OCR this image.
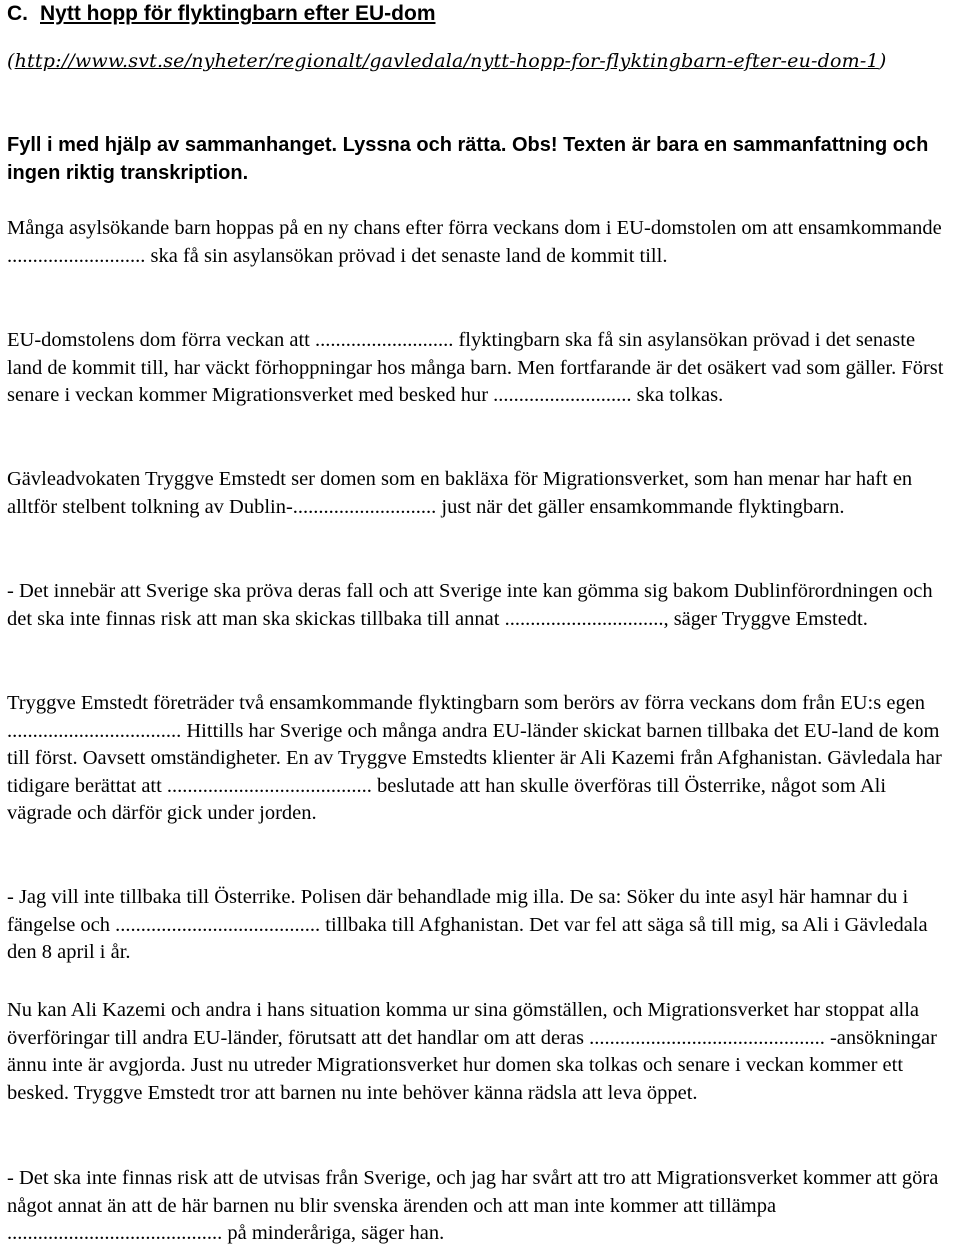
C. Nytt hopp för flyktingbarn efter EU-dom

(http://www.svt.se/nyheter/regionalt/gavledala/nytt-hopp-for-flyktingbarn-efter-eu-dom-1)

Fyll i med hjälp av sammanhanget. Lyssna och rätta. Obs! Texten är bara en sammanfattning och ingen riktig transkription.

Många asylsökande barn hoppas på en ny chans efter förra veckans dom i EU-domstolen om att ensamkommande ........................... ska få sin asylansökan prövad i det senaste land de kommit till.

EU-domstolens dom förra veckan att ........................... flyktingbarn ska få sin asylansökan prövad i det senaste land de kommit till, har väckt förhoppningar hos många barn. Men fortfarande är det osäkert vad som gäller. Först senare i veckan kommer Migrationsverket med besked hur ........................... ska tolkas.

Gävleadvokaten Tryggve Emstedt ser domen som en bakläxa för Migrationsverket, som han menar har haft en alltför stelbent tolkning av Dublin-............................ just när det gäller ensamkommande flyktingbarn.

- Det innebär att Sverige ska pröva deras fall och att Sverige inte kan gömma sig bakom Dublinförordningen och det ska inte finnas risk att man ska skickas tillbaka till annat ..............................., säger Tryggve Emstedt.

Tryggve Emstedt företräder två ensamkommande flyktingbarn som berörs av förra veckans dom från EU:s egen .................................. Hittills har Sverige och många andra EU-länder skickat barnen tillbaka det EU-land de kom till först. Oavsett omständigheter. En av Tryggve Emstedts klienter är Ali Kazemi från Afghanistan. Gävledala har tidigare berättat att ........................................ beslutade att han skulle överföras till Österrike, något som Ali vägrade och därför gick under jorden.

- Jag vill inte tillbaka till Österrike. Polisen där behandlade mig illa. De sa: Söker du inte asyl här hamnar du i fängelse och ........................................ tillbaka till Afghanistan. Det var fel att säga så till mig, sa Ali i Gävledala den 8 april i år.

Nu kan Ali Kazemi och andra i hans situation komma ur sina gömställen, och Migrationsverket har stoppat alla överföringar till andra EU-länder, förutsatt att det handlar om att deras .............................................. -ansökningar ännu inte är avgjorda. Just nu utreder Migrationsverket hur domen ska tolkas och senare i veckan kommer ett besked. Tryggve Emstedt tror att barnen nu inte behöver känna rädsla att leva öppet.

- Det ska inte finnas risk att de utvisas från Sverige, och jag har svårt att tro att Migrationsverket kommer att göra något annat än att de här barnen nu blir svenska ärenden och att man inte kommer att tillämpa .......................................... på minderåriga, säger han.
